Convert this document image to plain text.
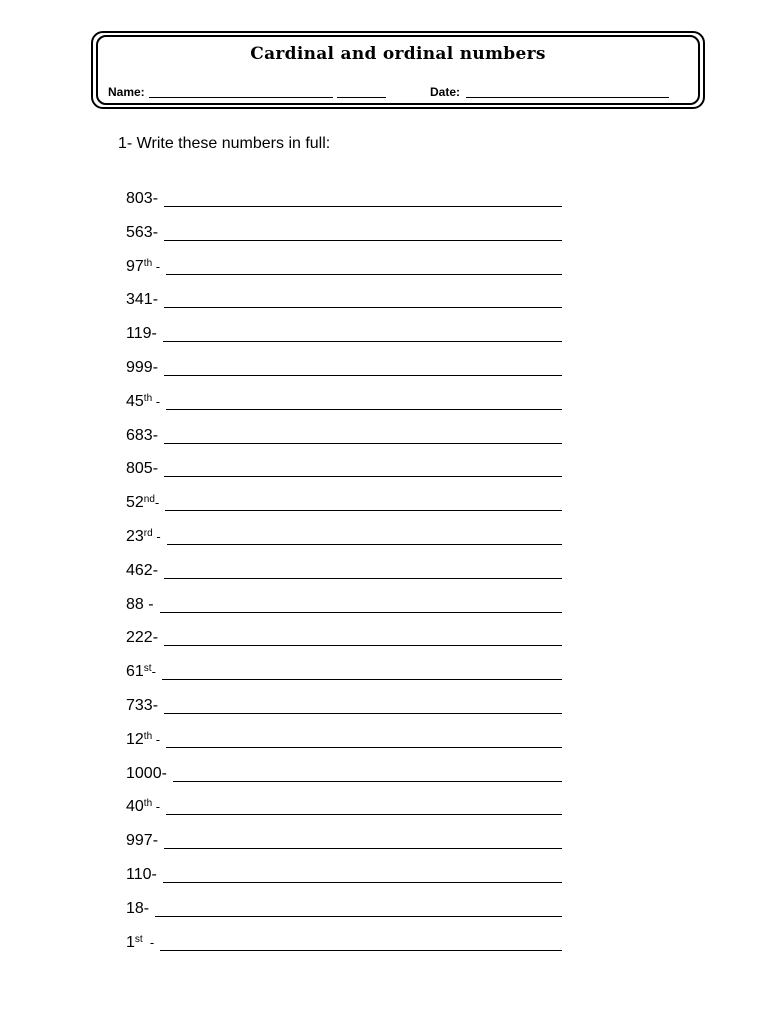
Cardinal and ordinal numbers
Name:	Date:
1- Write these numbers in full:
803-
563-
97th -
341-
119-
999-
45th -
683-
805-
52nd-
23rd -
462-
88 -
222-
61st-
733-
12th -
1000-
40th -
997-
110-
18-
1st  -
